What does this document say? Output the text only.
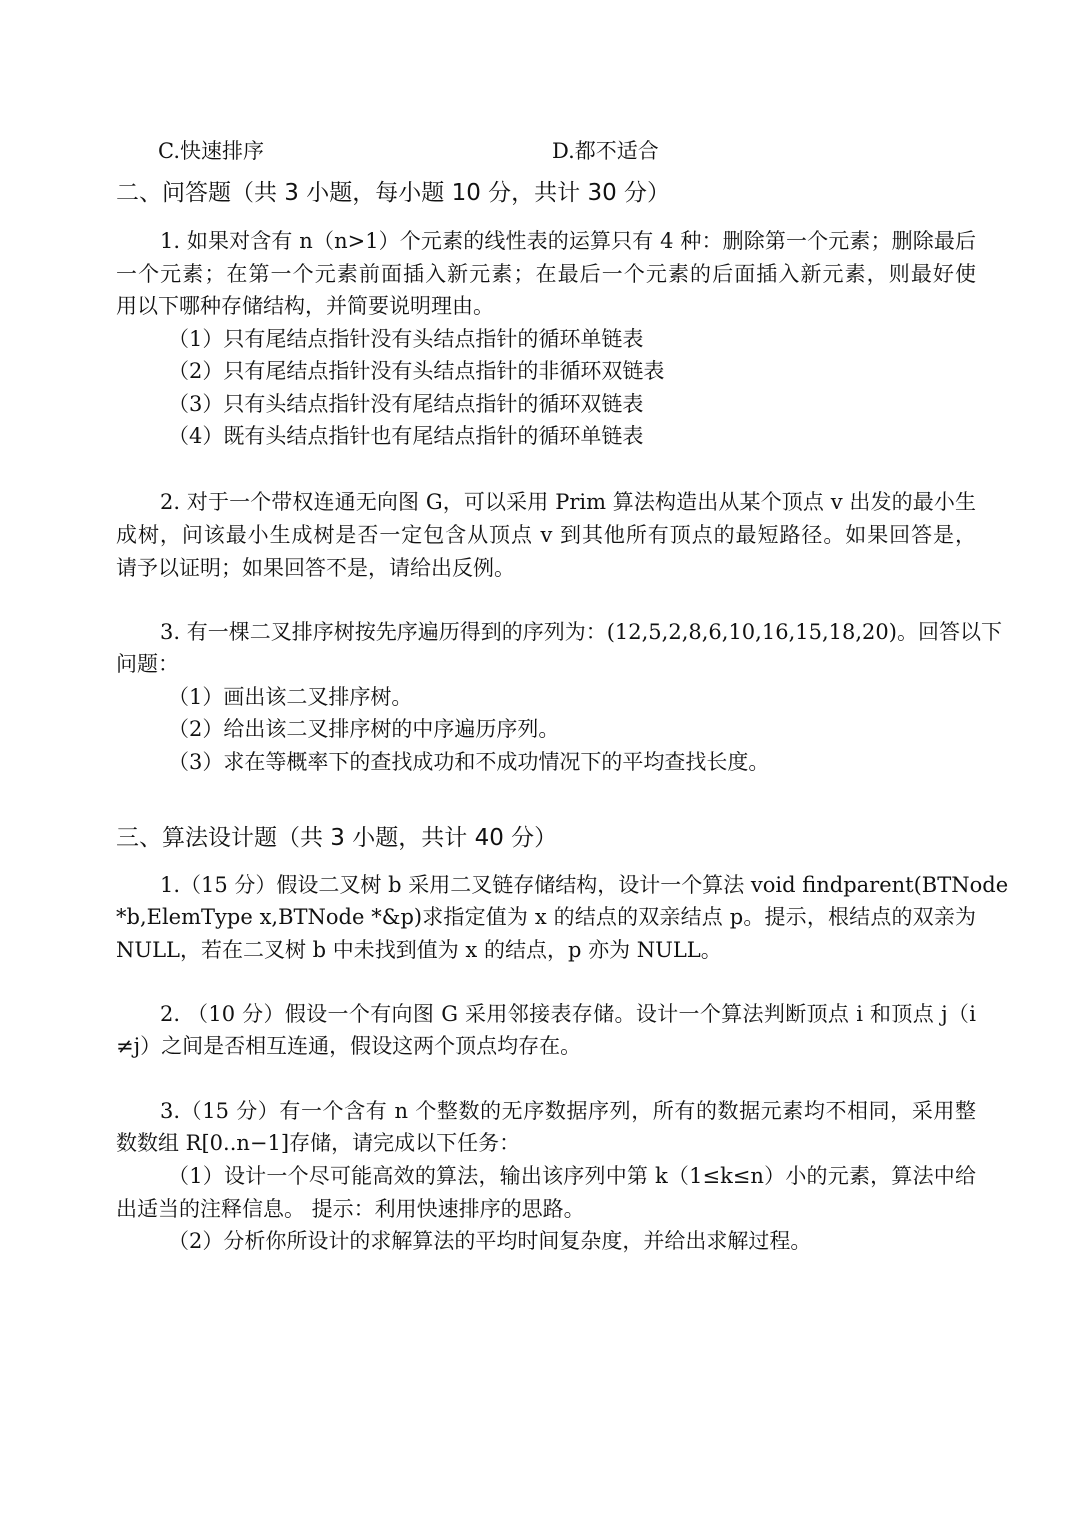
C.快速排序	D.都不适合
二、问答题（共 3 小题，每小题 10 分，共计 30 分）
1. 如果对含有 n（n>1）个元素的线性表的运算只有 4 种：删除第一个元素；删除最后
一个元素；在第一个元素前面插入新元素；在最后一个元素的后面插入新元素，则最好使
用以下哪种存储结构，并简要说明理由。
（1）只有尾结点指针没有头结点指针的循环单链表
（2）只有尾结点指针没有头结点指针的非循环双链表
（3）只有头结点指针没有尾结点指针的循环双链表
（4）既有头结点指针也有尾结点指针的循环单链表
2. 对于一个带权连通无向图 G，可以采用 Prim 算法构造出从某个顶点 v 出发的最小生
成树，问该最小生成树是否一定包含从顶点 v 到其他所有顶点的最短路径。如果回答是，
请予以证明；如果回答不是，请给出反例。
3. 有一棵二叉排序树按先序遍历得到的序列为：(12,5,2,8,6,10,16,15,18,20)。回答以下
问题：
（1）画出该二叉排序树。
（2）给出该二叉排序树的中序遍历序列。
（3）求在等概率下的查找成功和不成功情况下的平均查找长度。
三、算法设计题（共 3 小题，共计 40 分）
1.（15 分）假设二叉树 b 采用二叉链存储结构，设计一个算法 void findparent(BTNode
*b,ElemType x,BTNode *&p)求指定值为 x 的结点的双亲结点 p。提示，根结点的双亲为
NULL，若在二叉树 b 中未找到值为 x 的结点，p 亦为 NULL。
2. （10 分）假设一个有向图 G 采用邻接表存储。设计一个算法判断顶点 i 和顶点 j（i
≠j）之间是否相互连通，假设这两个顶点均存在。
3.（15 分）有一个含有 n 个整数的无序数据序列，所有的数据元素均不相同，采用整
数数组 R[0..n−1]存储，请完成以下任务：
（1）设计一个尽可能高效的算法，输出该序列中第 k（1≤k≤n）小的元素，算法中给
出适当的注释信息。 提示：利用快速排序的思路。
（2）分析你所设计的求解算法的平均时间复杂度，并给出求解过程。
